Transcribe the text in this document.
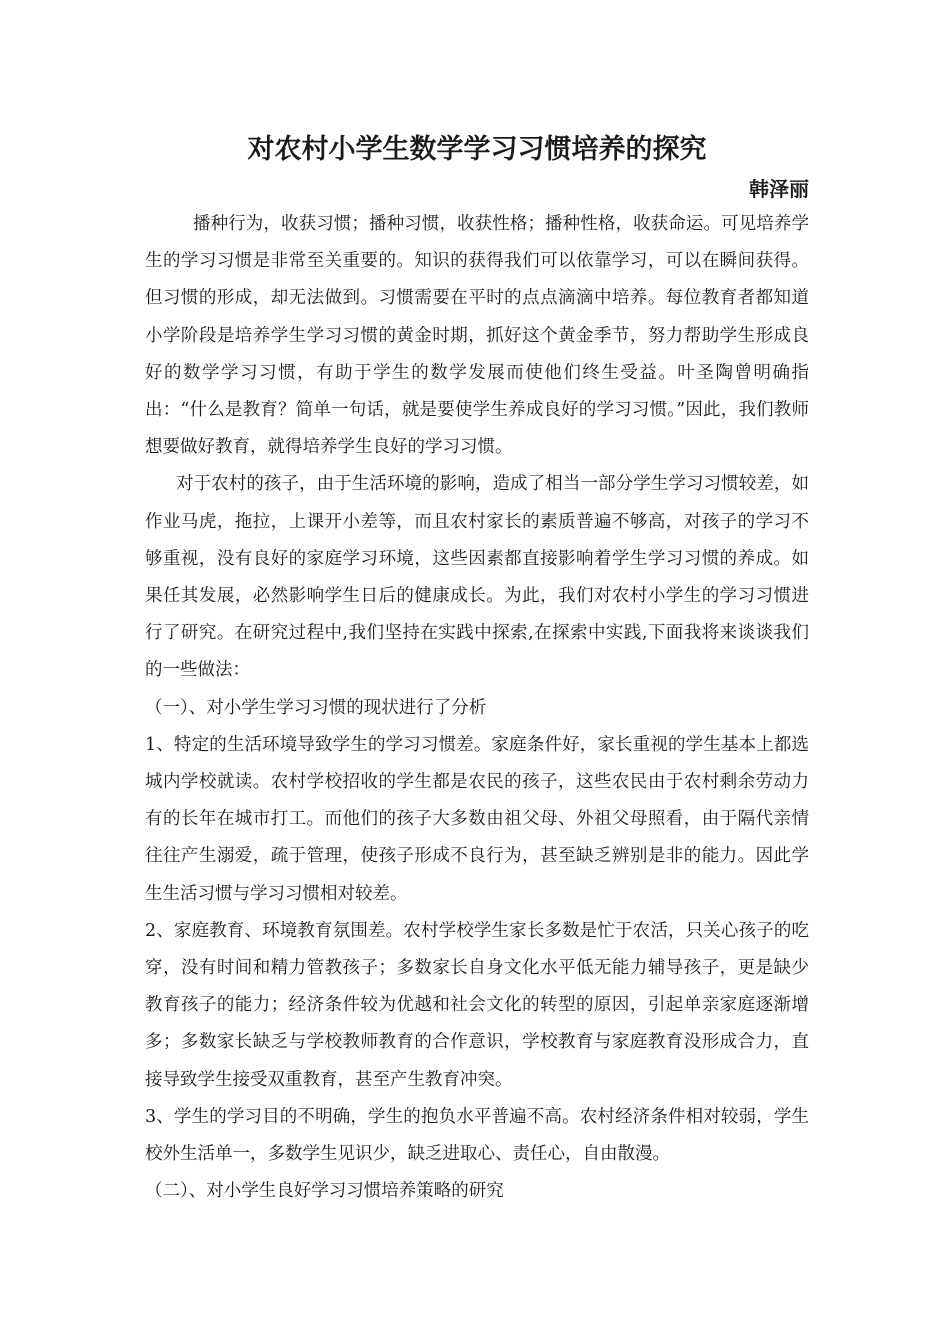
对农村小学生数学学习习惯培养的探究

韩泽丽

播种行为，收获习惯；播种习惯，收获性格；播种性格，收获命运。可见培养学生的学习习惯是非常至关重要的。知识的获得我们可以依靠学习，可以在瞬间获得。但习惯的形成，却无法做到。习惯需要在平时的点点滴滴中培养。每位教育者都知道小学阶段是培养学生学习习惯的黄金时期，抓好这个黄金季节，努力帮助学生形成良好的数学学习习惯，有助于学生的数学发展而使他们终生受益。叶圣陶曾明确指出：“什么是教育？简单一句话，就是要使学生养成良好的学习习惯。”因此，我们教师想要做好教育，就得培养学生良好的学习习惯。

对于农村的孩子，由于生活环境的影响，造成了相当一部分学生学习习惯较差，如作业马虎，拖拉，上课开小差等，而且农村家长的素质普遍不够高，对孩子的学习不够重视，没有良好的家庭学习环境，这些因素都直接影响着学生学习习惯的养成。如果任其发展，必然影响学生日后的健康成长。为此，我们对农村小学生的学习习惯进行了研究。在研究过程中,我们坚持在实践中探索,在探索中实践,下面我将来谈谈我们的一些做法：

（一）、对小学生学习习惯的现状进行了分析

1、特定的生活环境导致学生的学习习惯差。家庭条件好，家长重视的学生基本上都选城内学校就读。农村学校招收的学生都是农民的孩子，这些农民由于农村剩余劳动力有的长年在城市打工。而他们的孩子大多数由祖父母、外祖父母照看，由于隔代亲情往往产生溺爱，疏于管理，使孩子形成不良行为，甚至缺乏辨别是非的能力。因此学生生活习惯与学习习惯相对较差。

2、家庭教育、环境教育氛围差。农村学校学生家长多数是忙于农活，只关心孩子的吃穿，没有时间和精力管教孩子；多数家长自身文化水平低无能力辅导孩子，更是缺少教育孩子的能力；经济条件较为优越和社会文化的转型的原因，引起单亲家庭逐渐增多；多数家长缺乏与学校教师教育的合作意识，学校教育与家庭教育没形成合力，直接导致学生接受双重教育，甚至产生教育冲突。

3、学生的学习目的不明确，学生的抱负水平普遍不高。农村经济条件相对较弱，学生校外生活单一，多数学生见识少，缺乏进取心、责任心，自由散漫。

（二）、对小学生良好学习习惯培养策略的研究
